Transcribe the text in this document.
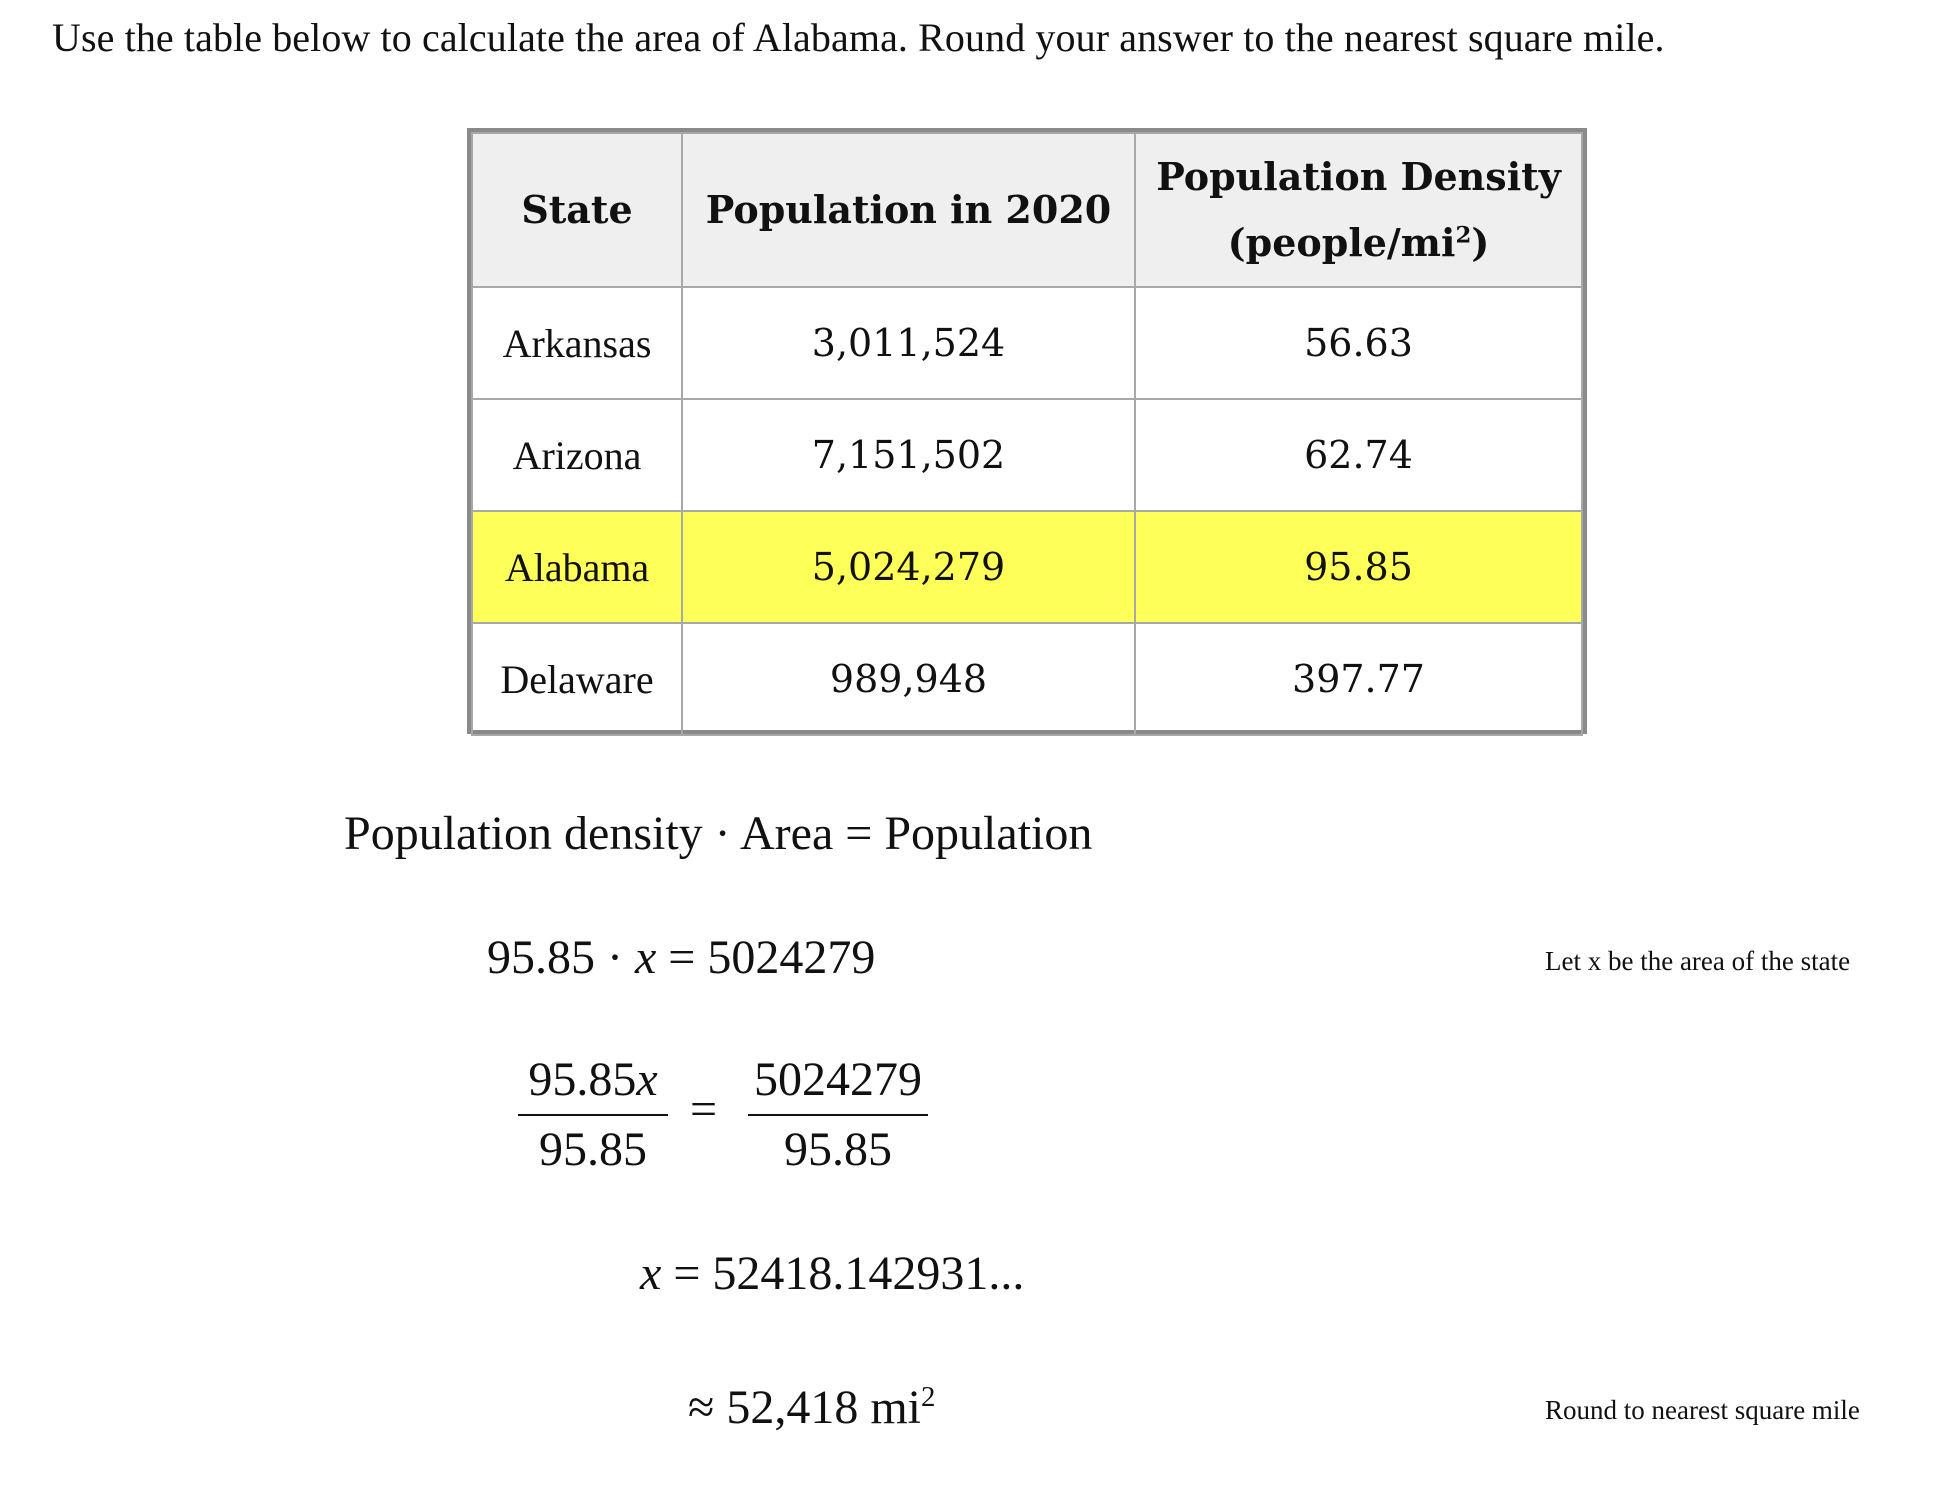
Use the table below to calculate the area of Alabama. Round your answer to the nearest square mile.
State	Population in 2020	Population Density
$(people/mi^2)$
Arkansas	3,011,524	56.63
Arizona	7,151,502	62.74
Alabama	5,024,279	95.85
Delaware	989,948	397.77
Population density · Area = Population
95.85 · x = 5024279	Let x be the area of the state
$\frac{95.85x}{95.85} = \frac{5024279}{95.85}$
x = 52418.142931...
≈ 52,418 $mi^2$	Round to nearest square mile
